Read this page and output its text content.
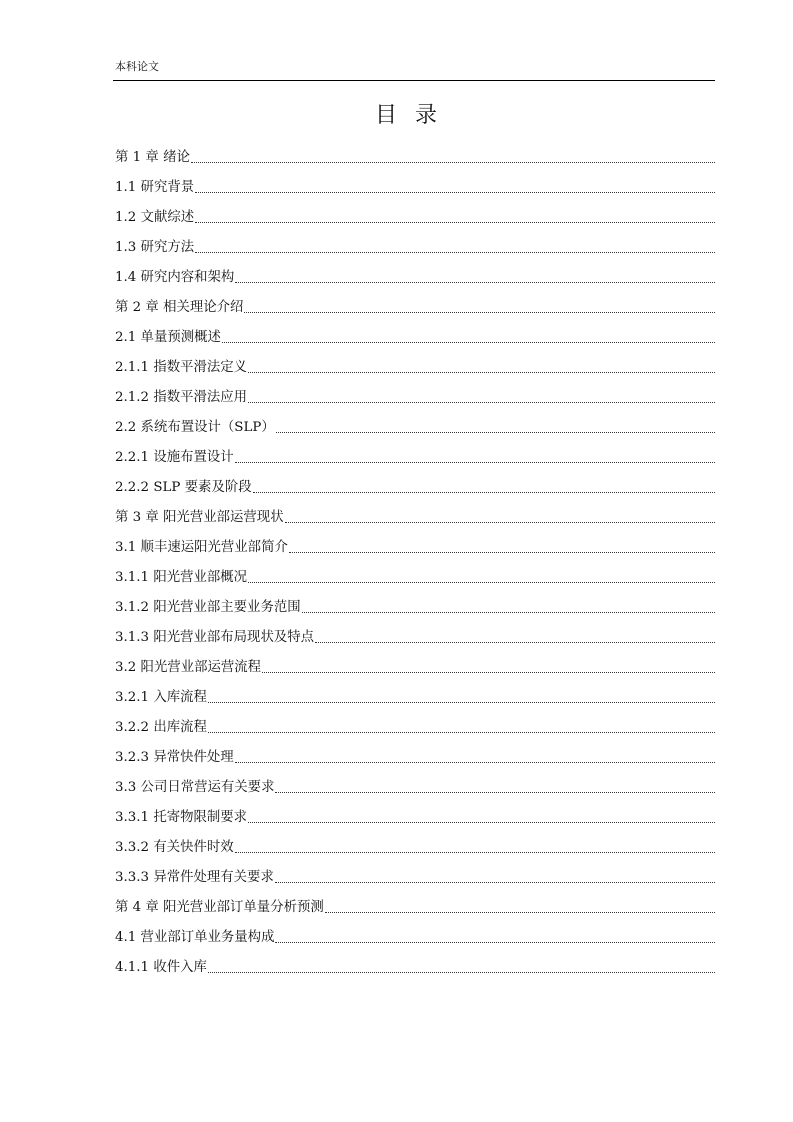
本科论文
目录
第 1 章 绪论
1.1 研究背景
1.2 文献综述
1.3 研究方法
1.4 研究内容和架构
第 2 章 相关理论介绍
2.1 单量预测概述
2.1.1 指数平滑法定义
2.1.2 指数平滑法应用
2.2 系统布置设计（SLP）
2.2.1 设施布置设计
2.2.2 SLP 要素及阶段
第 3 章 阳光营业部运营现状
3.1 顺丰速运阳光营业部简介
3.1.1 阳光营业部概况
3.1.2 阳光营业部主要业务范围
3.1.3 阳光营业部布局现状及特点
3.2 阳光营业部运营流程
3.2.1 入库流程
3.2.2 出库流程
3.2.3 异常快件处理
3.3 公司日常营运有关要求
3.3.1 托寄物限制要求
3.3.2 有关快件时效
3.3.3 异常件处理有关要求
第 4 章 阳光营业部订单量分析预测
4.1 营业部订单业务量构成
4.1.1 收件入库
